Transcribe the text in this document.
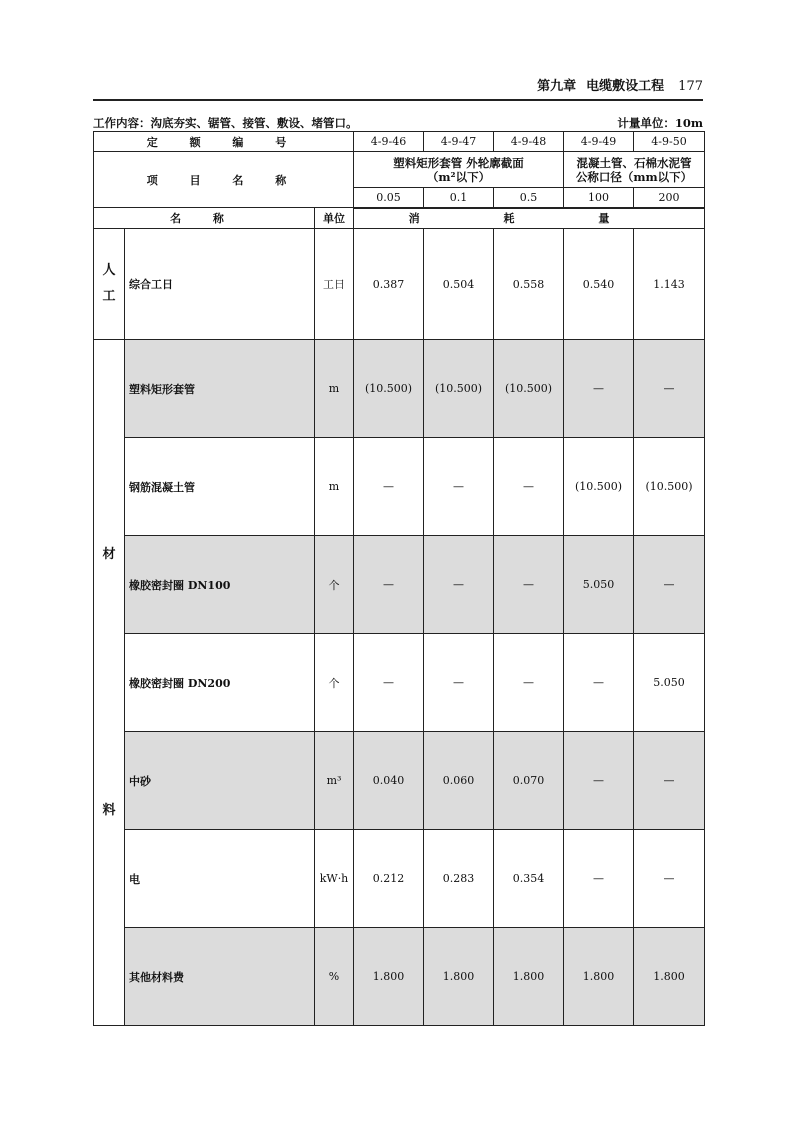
第九章 电缆敷设工程 177
工作内容：沟底夯实、锯管、接管、敷设、堵管口。	计量单位：10m
定 额 编 号			4-9-46	4-9-47	4-9-48	4-9-49	4-9-50
项 目 名 称			塑料矩形套管 外轮廓截面（m²以下）			混凝土管、石棉水泥管 公称口径（mm以下）	
			0.05	0.1	0.5	100	200
名 称		单位	消 耗 量				

人
工	综合工日	工日	0.387	0.504	0.558	0.540	1.143

材
料	塑料矩形套管	m	(10.500)	(10.500)	(10.500)	—	—
	钢筋混凝土管	m	—	—	—	(10.500)	(10.500)
	橡胶密封圈 DN100	个	—	—	—	5.050	—
	橡胶密封圈 DN200	个	—	—	—	—	5.050
	中砂	m³	0.040	0.060	0.070	—	—
	电	kW·h	0.212	0.283	0.354	—	—
	其他材料费	%	1.800	1.800	1.800	1.800	1.800
